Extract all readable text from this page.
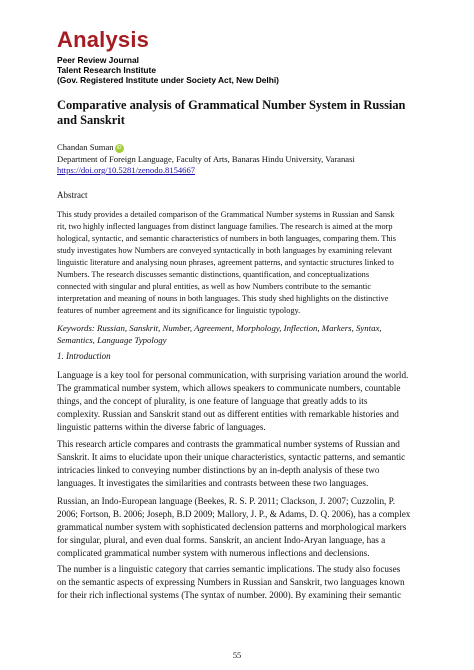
Analysis
Peer Review Journal
Talent Research Institute
(Gov. Registered Institute under Society Act, New Delhi)
Comparative analysis of Grammatical Number System in Russian and Sanskrit
Chandan Suman iD
Department of Foreign Language, Faculty of Arts, Banaras Hindu University, Varanasi
https://doi.org/10.5281/zenodo.8154667
Abstract
This study provides a detailed comparison of the Grammatical Number systems in Russian and Sansk
rit, two highly inflected languages from distinct language families. The research is aimed at the morp
hological, syntactic, and semantic characteristics of numbers in both languages, comparing them. This
study investigates how Numbers are conveyed syntactically in both languages by examining relevant
linguistic literature and analysing noun phrases, agreement patterns, and syntactic structures linked to
Numbers. The research discusses semantic distinctions, quantification, and conceptualizations
connected with singular and plural entities, as well as how Numbers contribute to the semantic
interpretation and meaning of nouns in both languages. This study shed highlights on the distinctive
features of number agreement and its significance for linguistic typology.
Keywords: Russian, Sanskrit, Number, Agreement, Morphology, Inflection, Markers, Syntax,
Semantics, Language Typology
1. Introduction
Language is a key tool for personal communication, with surprising variation around the world.
The grammatical number system, which allows speakers to communicate numbers, countable
things, and the concept of plurality, is one feature of language that greatly adds to its
complexity. Russian and Sanskrit stand out as different entities with remarkable histories and
linguistic patterns within the diverse fabric of languages.
This research article compares and contrasts the grammatical number systems of Russian and
Sanskrit. It aims to elucidate upon their unique characteristics, syntactic patterns, and semantic
intricacies linked to conveying number distinctions by an in-depth analysis of these two
languages. It investigates the similarities and contrasts between these two languages.
Russian, an Indo-European language (Beekes, R. S. P. 2011; Clackson, J. 2007; Cuzzolin, P.
2006; Fortson, B. 2006; Joseph, B.D 2009; Mallory, J. P., & Adams, D. Q. 2006), has a complex
grammatical number system with sophisticated declension patterns and morphological markers
for singular, plural, and even dual forms. Sanskrit, an ancient Indo-Aryan language, has a
complicated grammatical number system with numerous inflections and declensions.
The number is a linguistic category that carries semantic implications. The study also focuses
on the semantic aspects of expressing Numbers in Russian and Sanskrit, two languages known
for their rich inflectional systems (The syntax of number. 2000). By examining their semantic
55
